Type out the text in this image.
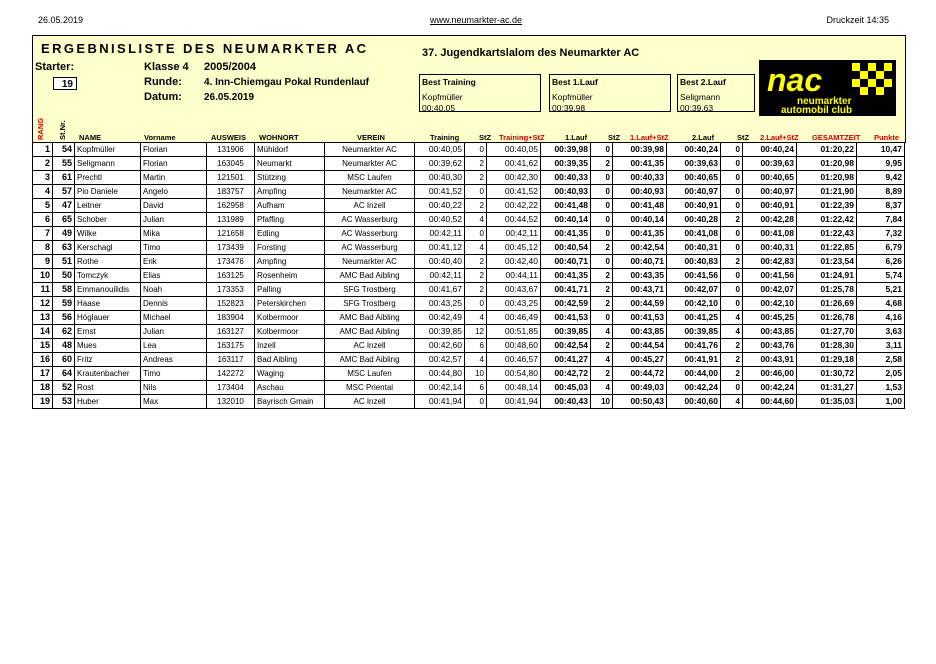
26.05.2019	www.neumarkter-ac.de	Druckzeit 14:35
ERGEBNISLISTE DES NEUMARKTER AC	37. Jugendkartslalom des Neumarkter AC
Starter:
19
Klasse 4 2005/2004
Runde: 4. Inn-Chiemgau Pokal Rundenlauf
Datum: 26.05.2019
Best Training
Kopfmüller
00:40,05
Best 1.Lauf
Kopfmüller
00:39,98
Best 2.Lauf
Seligmann
00:39,63
nac
neumarkter
automobil club
RANG St.Nr. NAME	Vorname	AUSWEIS WOHNORT	VEREIN	Training	StZ Training+StZ	1.Lauf	StZ 1.Lauf+StZ	2.Lauf	StZ 2.Lauf+StZ GESAMTZEIT Punkte
1	54	Kopfmüller	Florian	131906	Mühldorf	Neumarkter AC	00:40,05	0	00:40,05	00:39,98	0	00:39,98	00:40,24	0	00:40,24	01:20,22	10,47
2	55	Seligmann	Florian	163045	Neumarkt	Neumarkter AC	00:39,62	2	00:41,62	00:39,35	2	00:41,35	00:39,63	0	00:39,63	01:20,98	9,95
3	61	Prechtl	Martin	121501	Stützing	MSC Laufen	00:40,30	2	00:42,30	00:40,33	0	00:40,33	00:40,65	0	00:40,65	01:20,98	9,42
4	57	Pio Daniele	Angelo	183757	Ampfing	Neumarkter AC	00:41,52	0	00:41,52	00:40,93	0	00:40,93	00:40,97	0	00:40,97	01:21,90	8,89
5	47	Leitner	David	162958	Aufham	AC Inzell	00:40,22	2	00:42,22	00:41,48	0	00:41,48	00:40,91	0	00:40,91	01:22,39	8,37
6	65	Schober	Julian	131989	Pfaffing	AC Wasserburg	00:40,52	4	00:44,52	00:40,14	0	00:40,14	00:40,28	2	00:42,28	01:22,42	7,84
7	49	Wilke	Mika	121658	Edling	AC Wasserburg	00:42,11	0	00:42,11	00:41,35	0	00:41,35	00:41,08	0	00:41,08	01:22,43	7,32
8	63	Kerschagl	Timo	173439	Forsting	AC Wasserburg	00:41,12	4	00:45,12	00:40,54	2	00:42,54	00:40,31	0	00:40,31	01:22,85	6,79
9	51	Rothe	Erik	173476	Ampfing	Neumarkter AC	00:40,40	2	00:42,40	00:40,71	0	00:40,71	00:40,83	2	00:42,83	01:23,54	6,26
10	50	Tomczyk	Elias	163125	Rosenheim	AMC Bad Aibling	00:42,11	2	00:44,11	00:41,35	2	00:43,35	00:41,56	0	00:41,56	01:24,91	5,74
11	58	Emmanouilidis	Noah	173353	Palling	SFG Trostberg	00:41,67	2	00:43,67	00:41,71	2	00:43,71	00:42,07	0	00:42,07	01:25,78	5,21
12	59	Haase	Dennis	152823	Peterskirchen	SFG Trostberg	00:43,25	0	00:43,25	00:42,59	2	00:44,59	00:42,10	0	00:42,10	01:26,69	4,68
13	56	Höglauer	Michael	183904	Kolbermoor	AMC Bad Aibling	00:42,49	4	00:46,49	00:41,53	0	00:41,53	00:41,25	4	00:45,25	01:26,78	4,16
14	62	Ernst	Julian	163127	Kolbermoor	AMC Bad Aibling	00:39,85	12	00:51,85	00:39,85	4	00:43,85	00:39,85	4	00:43,85	01:27,70	3,63
15	48	Mues	Lea	163175	Inzell	AC Inzell	00:42,60	6	00:48,60	00:42,54	2	00:44,54	00:41,76	2	00:43,76	01:28,30	3,11
16	60	Fritz	Andreas	163117	Bad Aibling	AMC Bad Aibling	00:42,57	4	00:46,57	00:41,27	4	00:45,27	00:41,91	2	00:43,91	01:29,18	2,58
17	64	Krautenbacher	Timo	142272	Waging	MSC Laufen	00:44,80	10	00:54,80	00:42,72	2	00:44,72	00:44,00	2	00:46,00	01:30,72	2,05
18	52	Rost	Nils	173404	Aschau	MSC Priental	00:42,14	6	00:48,14	00:45,03	4	00:49,03	00:42,24	0	00:42,24	01:31,27	1,53
19	53	Huber	Max	132010	Bayrisch Gmain	AC Inzell	00:41,94	0	00:41,94	00:40,43	10	00:50,43	00:40,60	4	00:44,60	01:35,03	1,00
